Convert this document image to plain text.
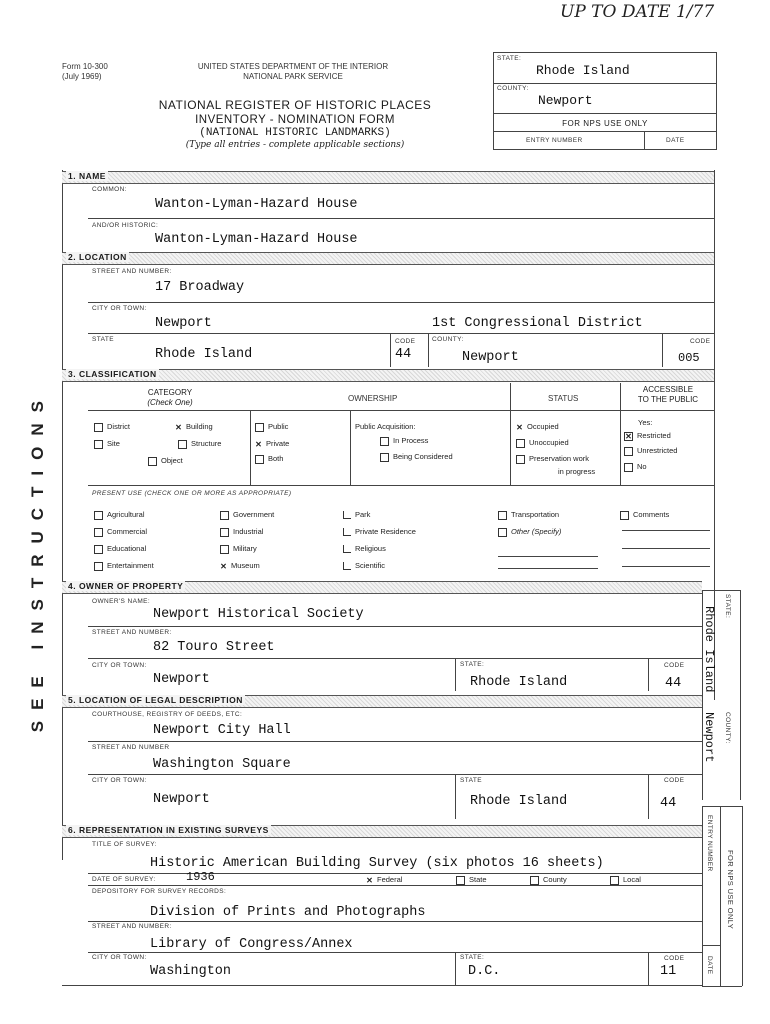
UP TO DATE 1/77
Form 10-300
(July 1969)
UNITED STATES DEPARTMENT OF THE INTERIOR
NATIONAL PARK SERVICE
NATIONAL REGISTER OF HISTORIC PLACES
INVENTORY - NOMINATION FORM
(NATIONAL HISTORIC LANDMARKS)
(Type all entries - complete applicable sections)
STATE:
Rhode Island
COUNTY:
Newport
FOR NPS USE ONLY
ENTRY NUMBER	DATE
SEE INSTRUCTIONS
1. NAME
COMMON:
Wanton-Lyman-Hazard House
AND/OR HISTORIC:
Wanton-Lyman-Hazard House
2. LOCATION
STREET AND NUMBER:
17 Broadway
CITY OR TOWN:
Newport	1st Congressional District
STATE
Rhode Island
CODE
44
COUNTY:
Newport
CODE
005
3. CLASSIFICATION
CATEGORY
(Check One)	OWNERSHIP	STATUS
ACCESSIBLE
TO THE PUBLIC
District	✕ Building
Site	Structure
Object
Public
✕ Private
Both
Public Acquisition:
In Process
Being Considered
✕ Occupied
Unoccupied
Preservation work
in progress
Yes:
✕ Restricted
Unrestricted
No
PRESENT USE (CHECK ONE OR MORE AS APPROPRIATE)
Agricultural
Commercial
Educational
Entertainment
Government
Industrial
Military
✕ Museum
Park
Private Residence
Religious
Scientific
Transportation
Other (Specify)
Comments
4. OWNER OF PROPERTY
OWNER'S NAME:
Newport Historical Society
STREET AND NUMBER:
82 Touro Street
CITY OR TOWN:
Newport
STATE:
Rhode Island
CODE
44
STATE:
Rhode Island
5. LOCATION OF LEGAL DESCRIPTION
COURTHOUSE, REGISTRY OF DEEDS, ETC:
Newport City Hall
STREET AND NUMBER
Washington Square
CITY OR TOWN:
Newport
STATE
Rhode Island
CODE
44
COUNTY:
Newport
6. REPRESENTATION IN EXISTING SURVEYS
TITLE OF SURVEY:
Historic American Building Survey (six photos 16 sheets)
DATE OF SURVEY:	1936	✕ Federal	State	County	Local
DEPOSITORY FOR SURVEY RECORDS:
Division of Prints and Photographs
STREET AND NUMBER:
Library of Congress/Annex
CITY OR TOWN:
Washington
STATE:
D.C.
CODE
11
FOR NPS USE ONLY
ENTRY NUMBER
DATE
